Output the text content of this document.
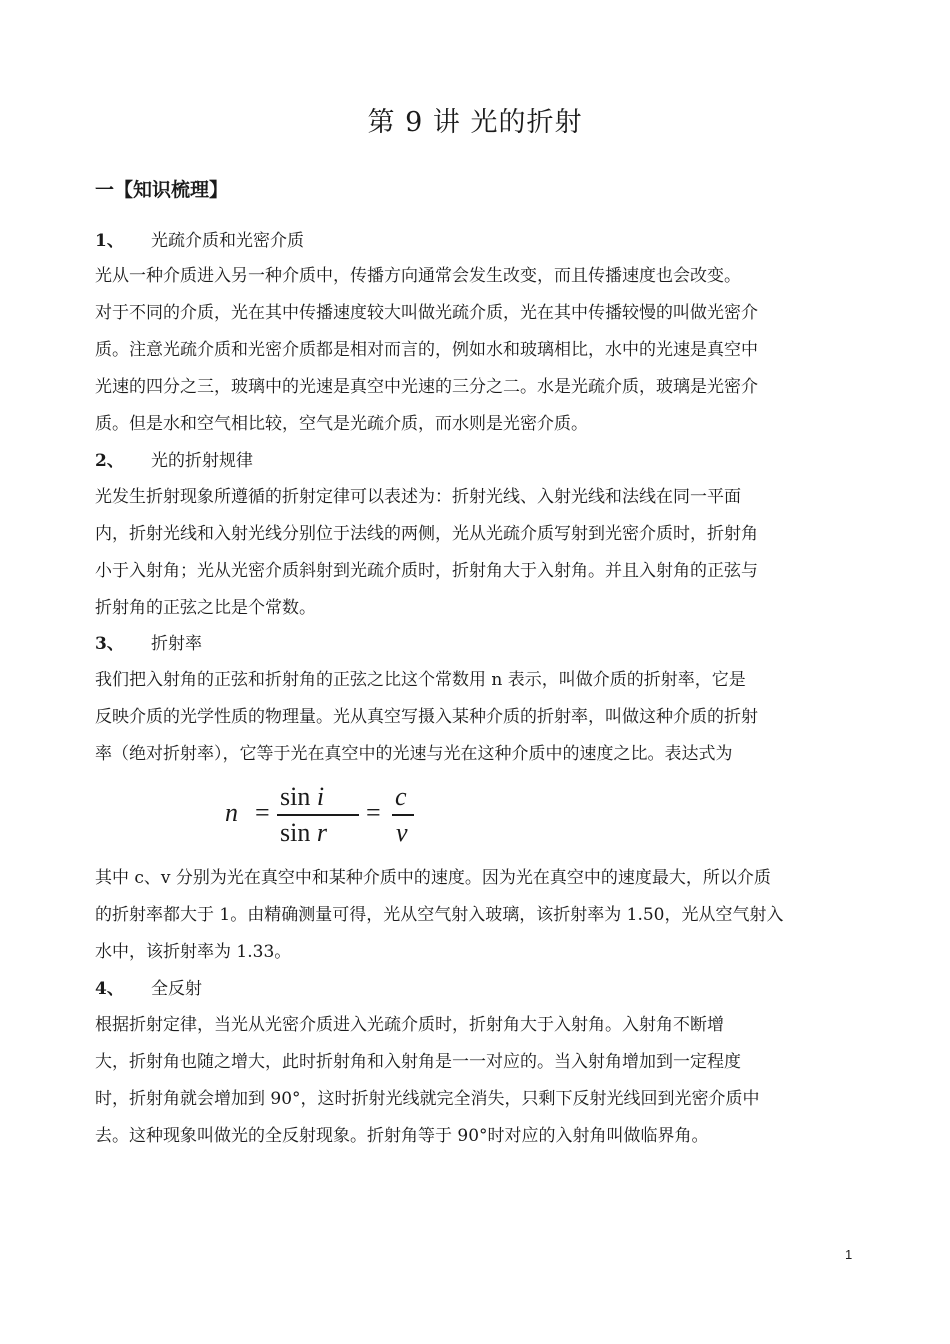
第 9 讲 光的折射
一【知识梳理】
1、 光疏介质和光密介质
光从一种介质进入另一种介质中，传播方向通常会发生改变，而且传播速度也会改变。
对于不同的介质，光在其中传播速度较大叫做光疏介质，光在其中传播较慢的叫做光密介
质。注意光疏介质和光密介质都是相对而言的，例如水和玻璃相比，水中的光速是真空中
光速的四分之三，玻璃中的光速是真空中光速的三分之二。水是光疏介质，玻璃是光密介
质。但是水和空气相比较，空气是光疏介质，而水则是光密介质。
2、 光的折射规律
光发生折射现象所遵循的折射定律可以表述为：折射光线、入射光线和法线在同一平面
内，折射光线和入射光线分别位于法线的两侧，光从光疏介质写射到光密介质时，折射角
小于入射角；光从光密介质斜射到光疏介质时，折射角大于入射角。并且入射角的正弦与
折射角的正弦之比是个常数。
3、 折射率
我们把入射角的正弦和折射角的正弦之比这个常数用 n 表示，叫做介质的折射率，它是
反映介质的光学性质的物理量。光从真空写摄入某种介质的折射率，叫做这种介质的折射
率（绝对折射率），它等于光在真空中的光速与光在这种介质中的速度之比。表达式为
n =
sin i
sin r
=
c
v
其中 c、v 分别为光在真空中和某种介质中的速度。因为光在真空中的速度最大，所以介质
的折射率都大于 1。由精确测量可得，光从空气射入玻璃，该折射率为 1.50，光从空气射入
水中，该折射率为 1.33。
4、 全反射
根据折射定律，当光从光密介质进入光疏介质时，折射角大于入射角。入射角不断增
大，折射角也随之增大，此时折射角和入射角是一一对应的。当入射角增加到一定程度
时，折射角就会增加到 90°，这时折射光线就完全消失，只剩下反射光线回到光密介质中
去。这种现象叫做光的全反射现象。折射角等于 90°时对应的入射角叫做临界角。
1
